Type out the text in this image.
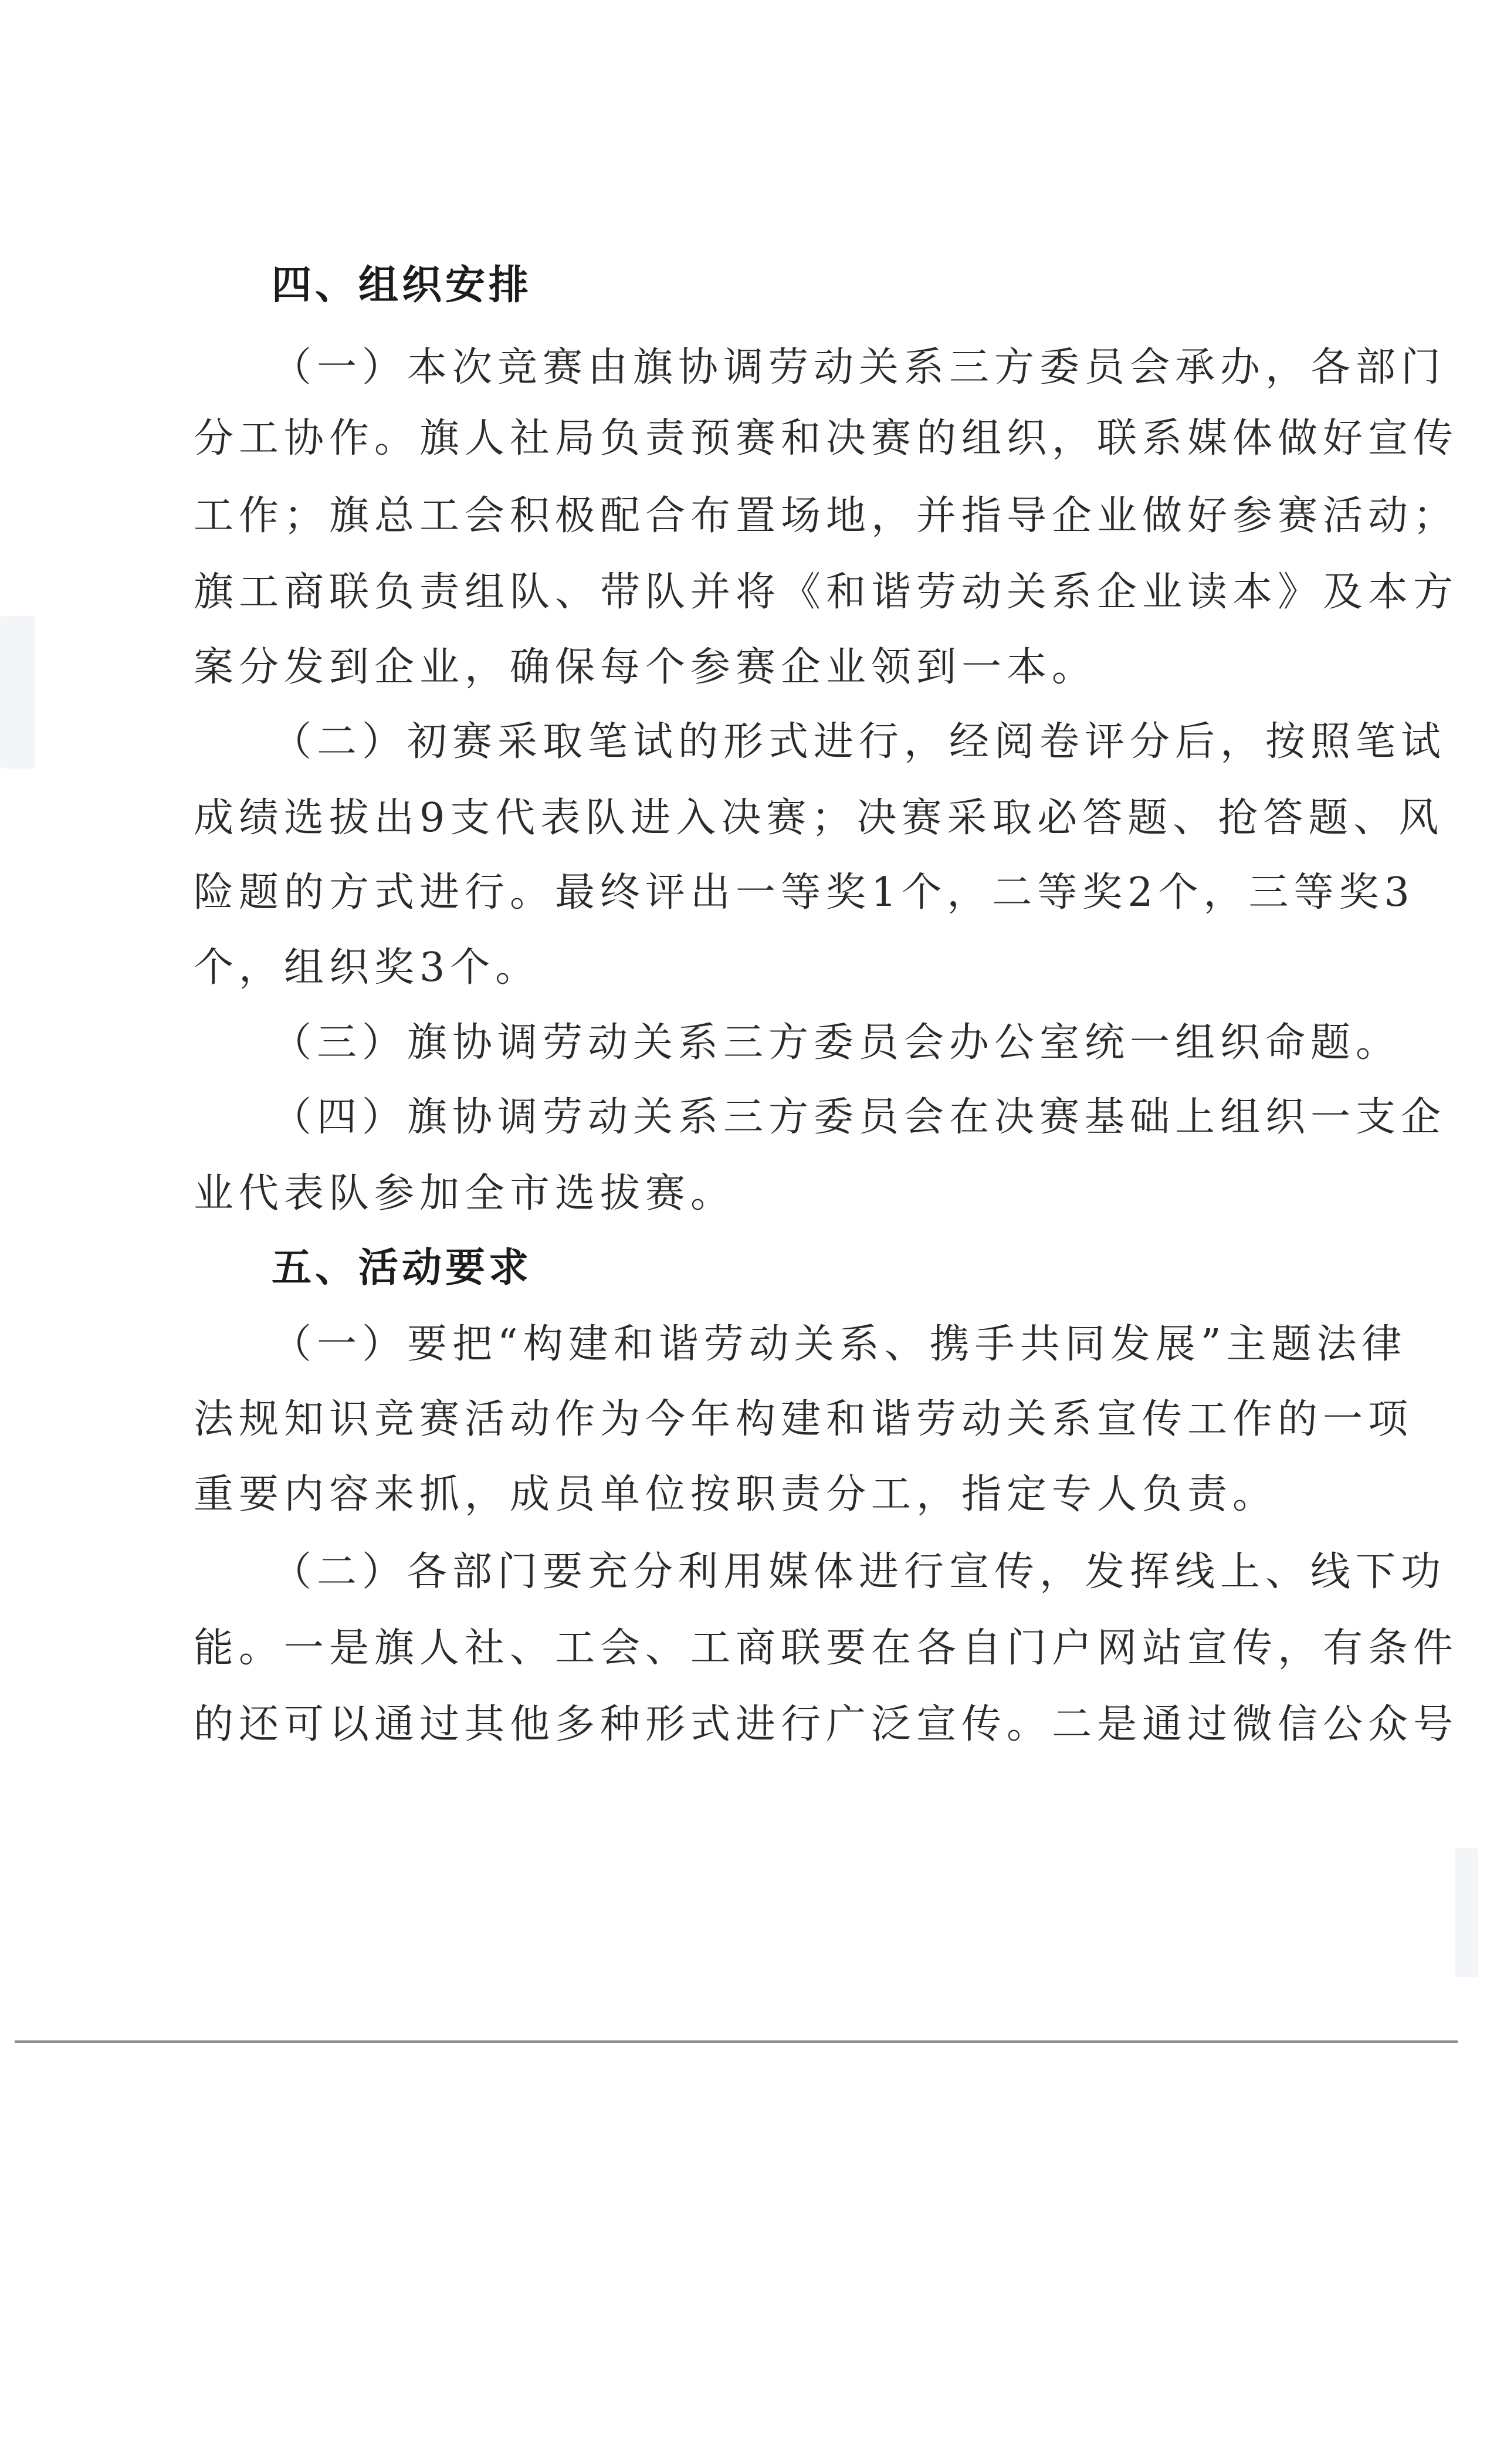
四、组织安排
（一）本次竞赛由旗协调劳动关系三方委员会承办，各部门
分工协作。旗人社局负责预赛和决赛的组织，联系媒体做好宣传
工作；旗总工会积极配合布置场地，并指导企业做好参赛活动；
旗工商联负责组队、带队并将《和谐劳动关系企业读本》及本方
案分发到企业，确保每个参赛企业领到一本。
（二）初赛采取笔试的形式进行，经阅卷评分后，按照笔试
成绩选拔出9支代表队进入决赛；决赛采取必答题、抢答题、风
险题的方式进行。最终评出一等奖1个，二等奖2个，三等奖3
个，组织奖3个。
（三）旗协调劳动关系三方委员会办公室统一组织命题。
（四）旗协调劳动关系三方委员会在决赛基础上组织一支企
业代表队参加全市选拔赛。
五、活动要求
（一）要把“构建和谐劳动关系、携手共同发展”主题法律
法规知识竞赛活动作为今年构建和谐劳动关系宣传工作的一项
重要内容来抓，成员单位按职责分工，指定专人负责。
（二）各部门要充分利用媒体进行宣传，发挥线上、线下功
能。一是旗人社、工会、工商联要在各自门户网站宣传，有条件
的还可以通过其他多种形式进行广泛宣传。二是通过微信公众号
